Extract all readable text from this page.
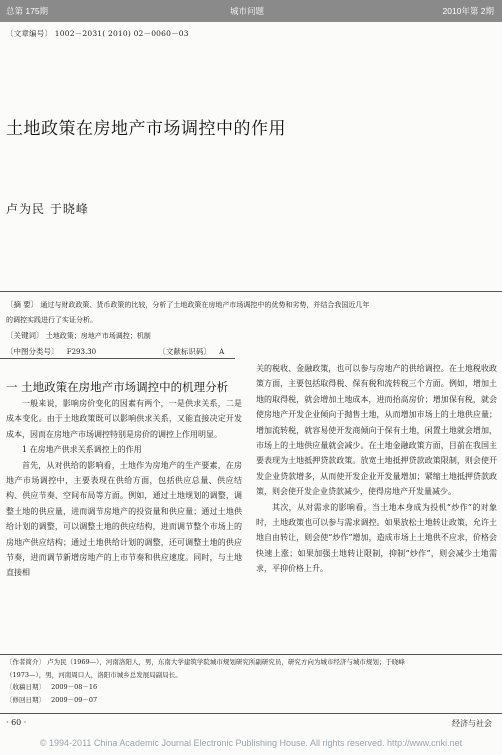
总第 175期	城市问题	2010年第 2期
〔文章编号〕 1002－2031( 2010) 02－0060－03
土地政策在房地产市场调控中的作用
卢为民 于晓峰
〔摘 要〕 通过与财政政策、货币政策的比较，分析了土地政策在房地产市场调控中的优势和劣势，并结合我国近几年
的调控实践进行了实证分析。
〔关键词〕 土地政策；房地产市场调控；机制
〔中图分类号〕 F293.30	〔文献标识码〕 A

一 土地政策在房地产市场调控中的机理分析

一般来说，影响房价变化的因素有两个，一是供求关系，二是成本变化。由于土地政策既可以影响供求关系，又能直接决定开发成本，因而在房地产市场调控特别是房价的调控上作用明显。

1 在房地产供求关系调控上的作用

首先，从对供给的影响看，土地作为房地产的生产要素，在房地产市场调控中，主要表现在供给方面，包括供应总量、供应结构、供应节奏、空间布局等方面。例如，通过土地规划的调整，调整土地的供应量，进而调节房地产的投资量和供应量；通过土地供给计划的调整，可以调整土地的供应结构，进而调节整个市场上的房地产供应结构；通过土地供给计划的调整，还可调整土地的供应节奏，进而调节新增房地产的上市节奏和供应速度。同时，与土地直接相

关的税收、金融政策，也可以参与房地产的供给调控。在土地税收政策方面，主要包括取得税、保有税和流转税三个方面。例如，增加土地的取得税，就会增加土地成本，进而抬高房价；增加保有税，就会使房地产开发企业倾向于抛售土地，从而增加市场上的土地供应量；增加流转税，就容易使开发商倾向于保有土地，闲置土地就会增加，市场上的土地供应量就会减少。在土地金融政策方面，目前在我国主要表现为土地抵押贷款政策。放宽土地抵押贷款政策限制，则会使开发企业贷款增多，从而使开发企业开发量增加；紧缩土地抵押贷款政策，则会使开发企业贷款减少，使得房地产开发量减少。

其次，从对需求的影响看，当土地本身成为投机“炒作”的对象时，土地政策也可以参与需求调控。如果放松土地转让政策，允许土地自由转让，则会使“炒作”增加，造成市场上土地供不应求，价格会快速上涨；如果加强土地转让限制，抑制“炒作”，则会减少土地需求，平抑价格上升。

〔作者简介〕 卢为民（1969—），河南洛阳人，男，东南大学建筑学院城市规划研究所副研究员，研究方向为城市经济与城市规划；于晓峰
（1973—），男，河南周口人，洛阳市城乡总发展局副局长。
〔收稿日期〕 2009－08－16
〔修回日期〕 2009－09－07
· 60 ·	经济与社会
© 1994-2011 China Academic Journal Electronic Publishing House. All rights reserved. http://www.cnki.net
